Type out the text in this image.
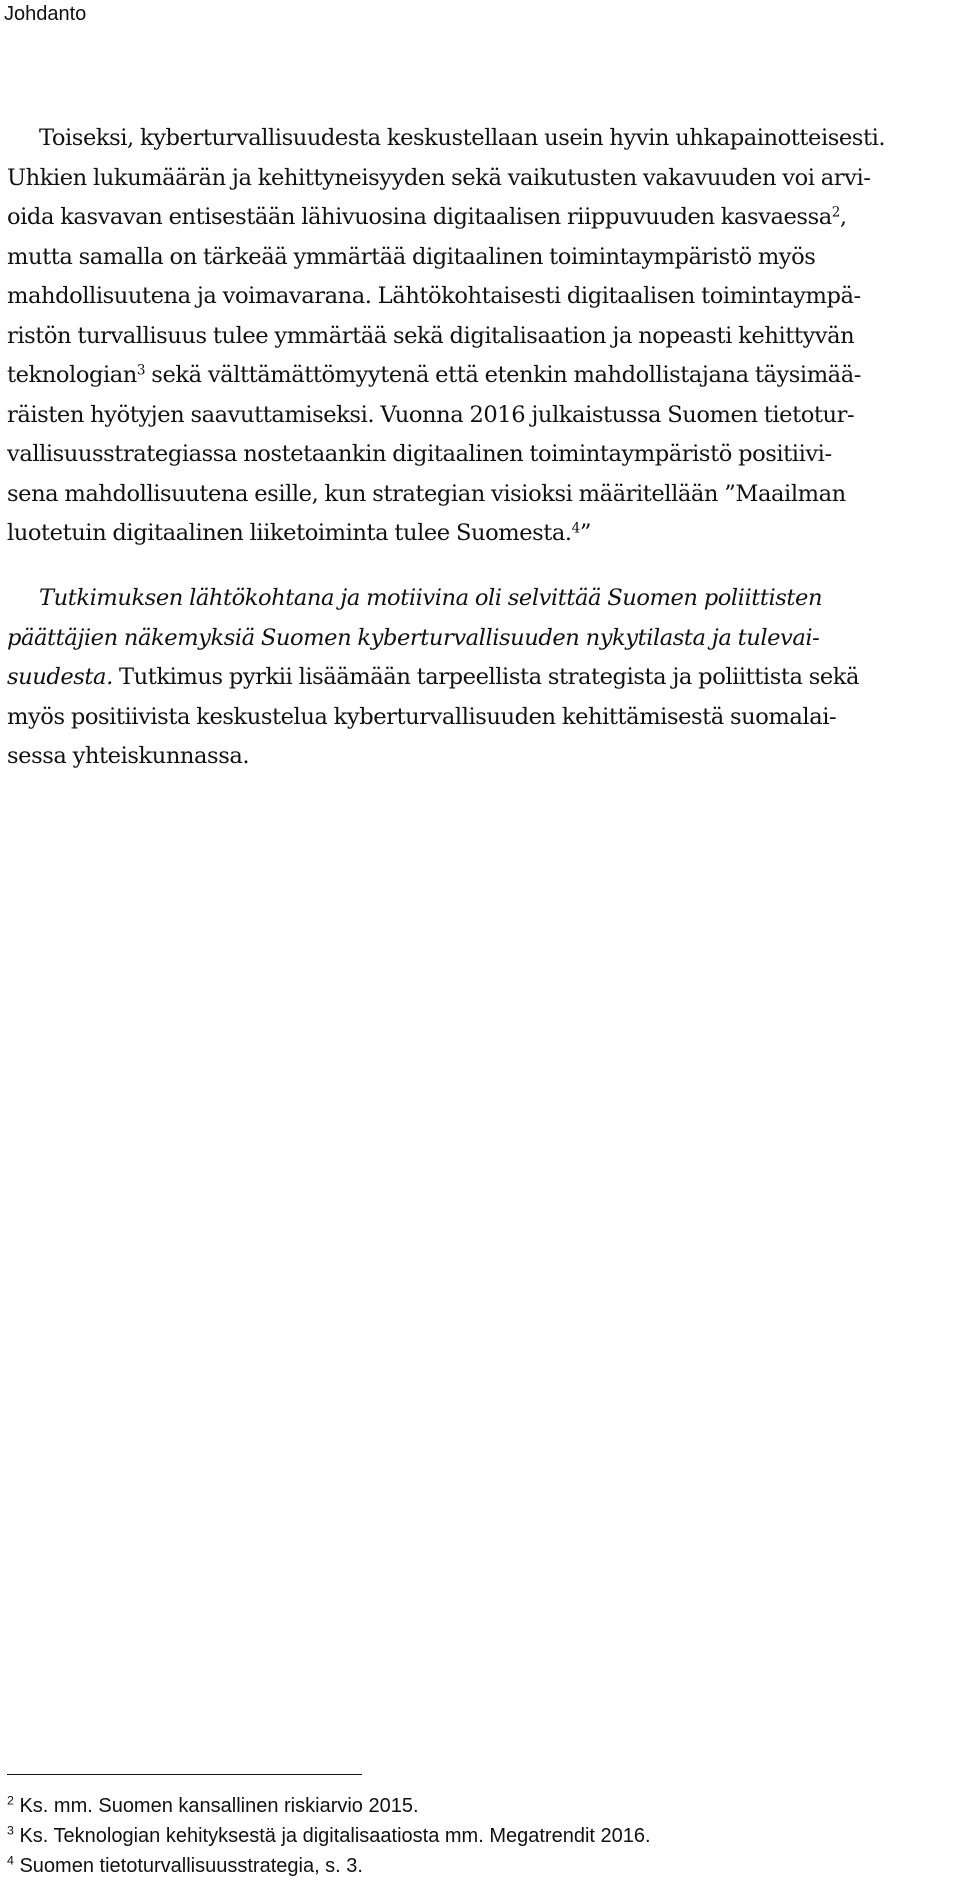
Johdanto
Toiseksi, kyberturvallisuudesta keskustellaan usein hyvin uhkapainotteisesti.
Uhkien lukumäärän ja kehittyneisyyden sekä vaikutusten vakavuuden voi arvi-
oida kasvavan entisestään lähivuosina digitaalisen riippuvuuden kasvaessa$^2$,
mutta samalla on tärkeää ymmärtää digitaalinen toimintaympäristö myös
mahdollisuutena ja voimavarana. Lähtökohtaisesti digitaalisen toimintaympä-
ristön turvallisuus tulee ymmärtää sekä digitalisaation ja nopeasti kehittyvän
teknologian$^3$ sekä välttämättömyytenä että etenkin mahdollistajana täysimää-
räisten hyötyjen saavuttamiseksi. Vuonna 2016 julkaistussa Suomen tietotur-
vallisuusstrategiassa nostetaankin digitaalinen toimintaympäristö positiivi-
sena mahdollisuutena esille, kun strategian visioksi määritellään ”Maailman
luotetuin digitaalinen liiketoiminta tulee Suomesta.$^4$”
Tutkimuksen lähtökohtana ja motiivina oli selvittää Suomen poliittisten
päättäjien näkemyksiä Suomen kyberturvallisuuden nykytilasta ja tulevai-
suudesta. Tutkimus pyrkii lisäämään tarpeellista strategista ja poliittista sekä
myös positiivista keskustelua kyberturvallisuuden kehittämisestä suomalai-
sessa yhteiskunnassa.
$^2$ Ks. mm. Suomen kansallinen riskiarvio 2015.
$^3$ Ks. Teknologian kehityksestä ja digitalisaatiosta mm. Megatrendit 2016.
$^4$ Suomen tietoturvallisuusstrategia, s. 3.
